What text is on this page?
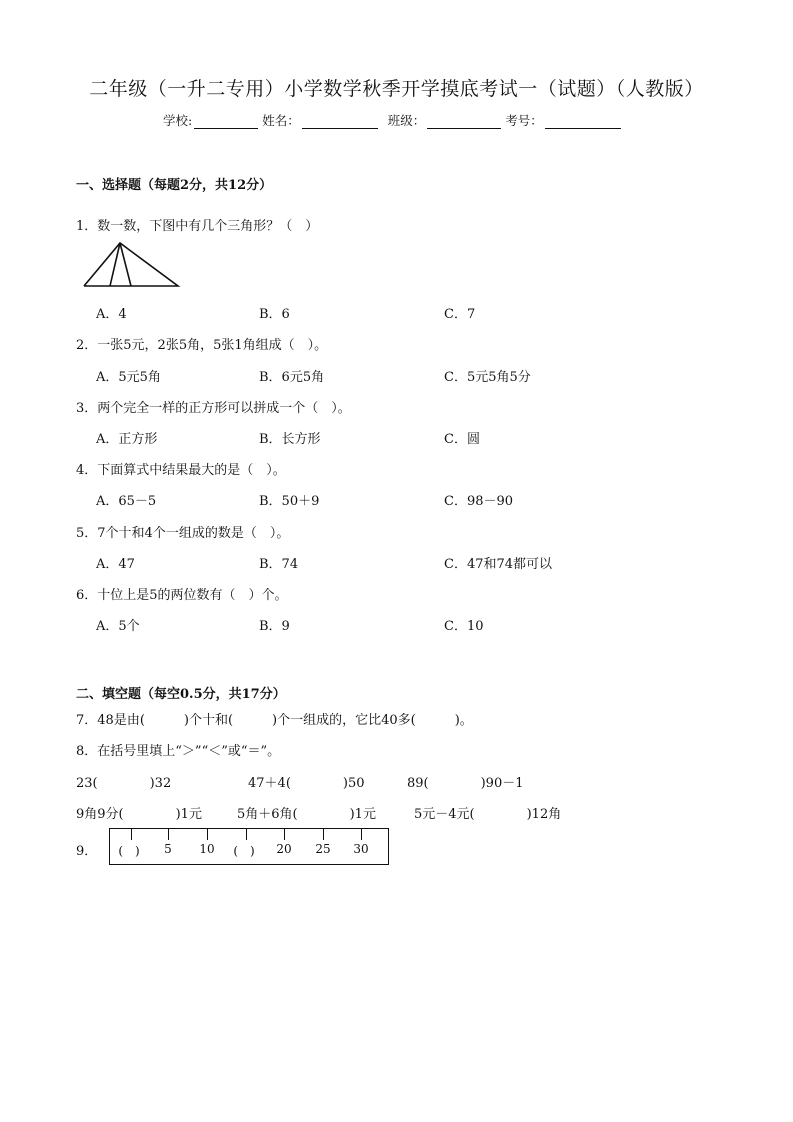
二年级（一升二专用）小学数学秋季开学摸底考试一（试题）（人教版）
学校:	姓名：	班级：	考号：
一、选择题（每题2分，共12分）
1．数一数，下图中有几个三角形？（　）
A．4	B．6	C．7
2．一张5元，2张5角，5张1角组成（　）。
A．5元5角	B．6元5角	C．5元5角5分
3．两个完全一样的正方形可以拼成一个（　）。
A．正方形	B．长方形	C．圆
4．下面算式中结果最大的是（　）。
A．65－5	B．50＋9	C．98－90
5．7个十和4个一组成的数是（　）。
A．47	B．74	C．47和74都可以
6．十位上是5的两位数有（　）个。
A．5个	B．9	C．10
二、填空题（每空0.5分，共17分）
7．48是由(　　　)个十和(　　　)个一组成的，它比40多(　　　)。
8．在括号里填上“＞”“＜”或“＝”。
23(　　　　)32	47＋4(　　　　)50	89(　　　　)90－1
9角9分(　　　　)1元	5角＋6角(　　　　)1元	5元－4元(　　　　)12角
9． (　) 5 10 (　) 20 25 30
